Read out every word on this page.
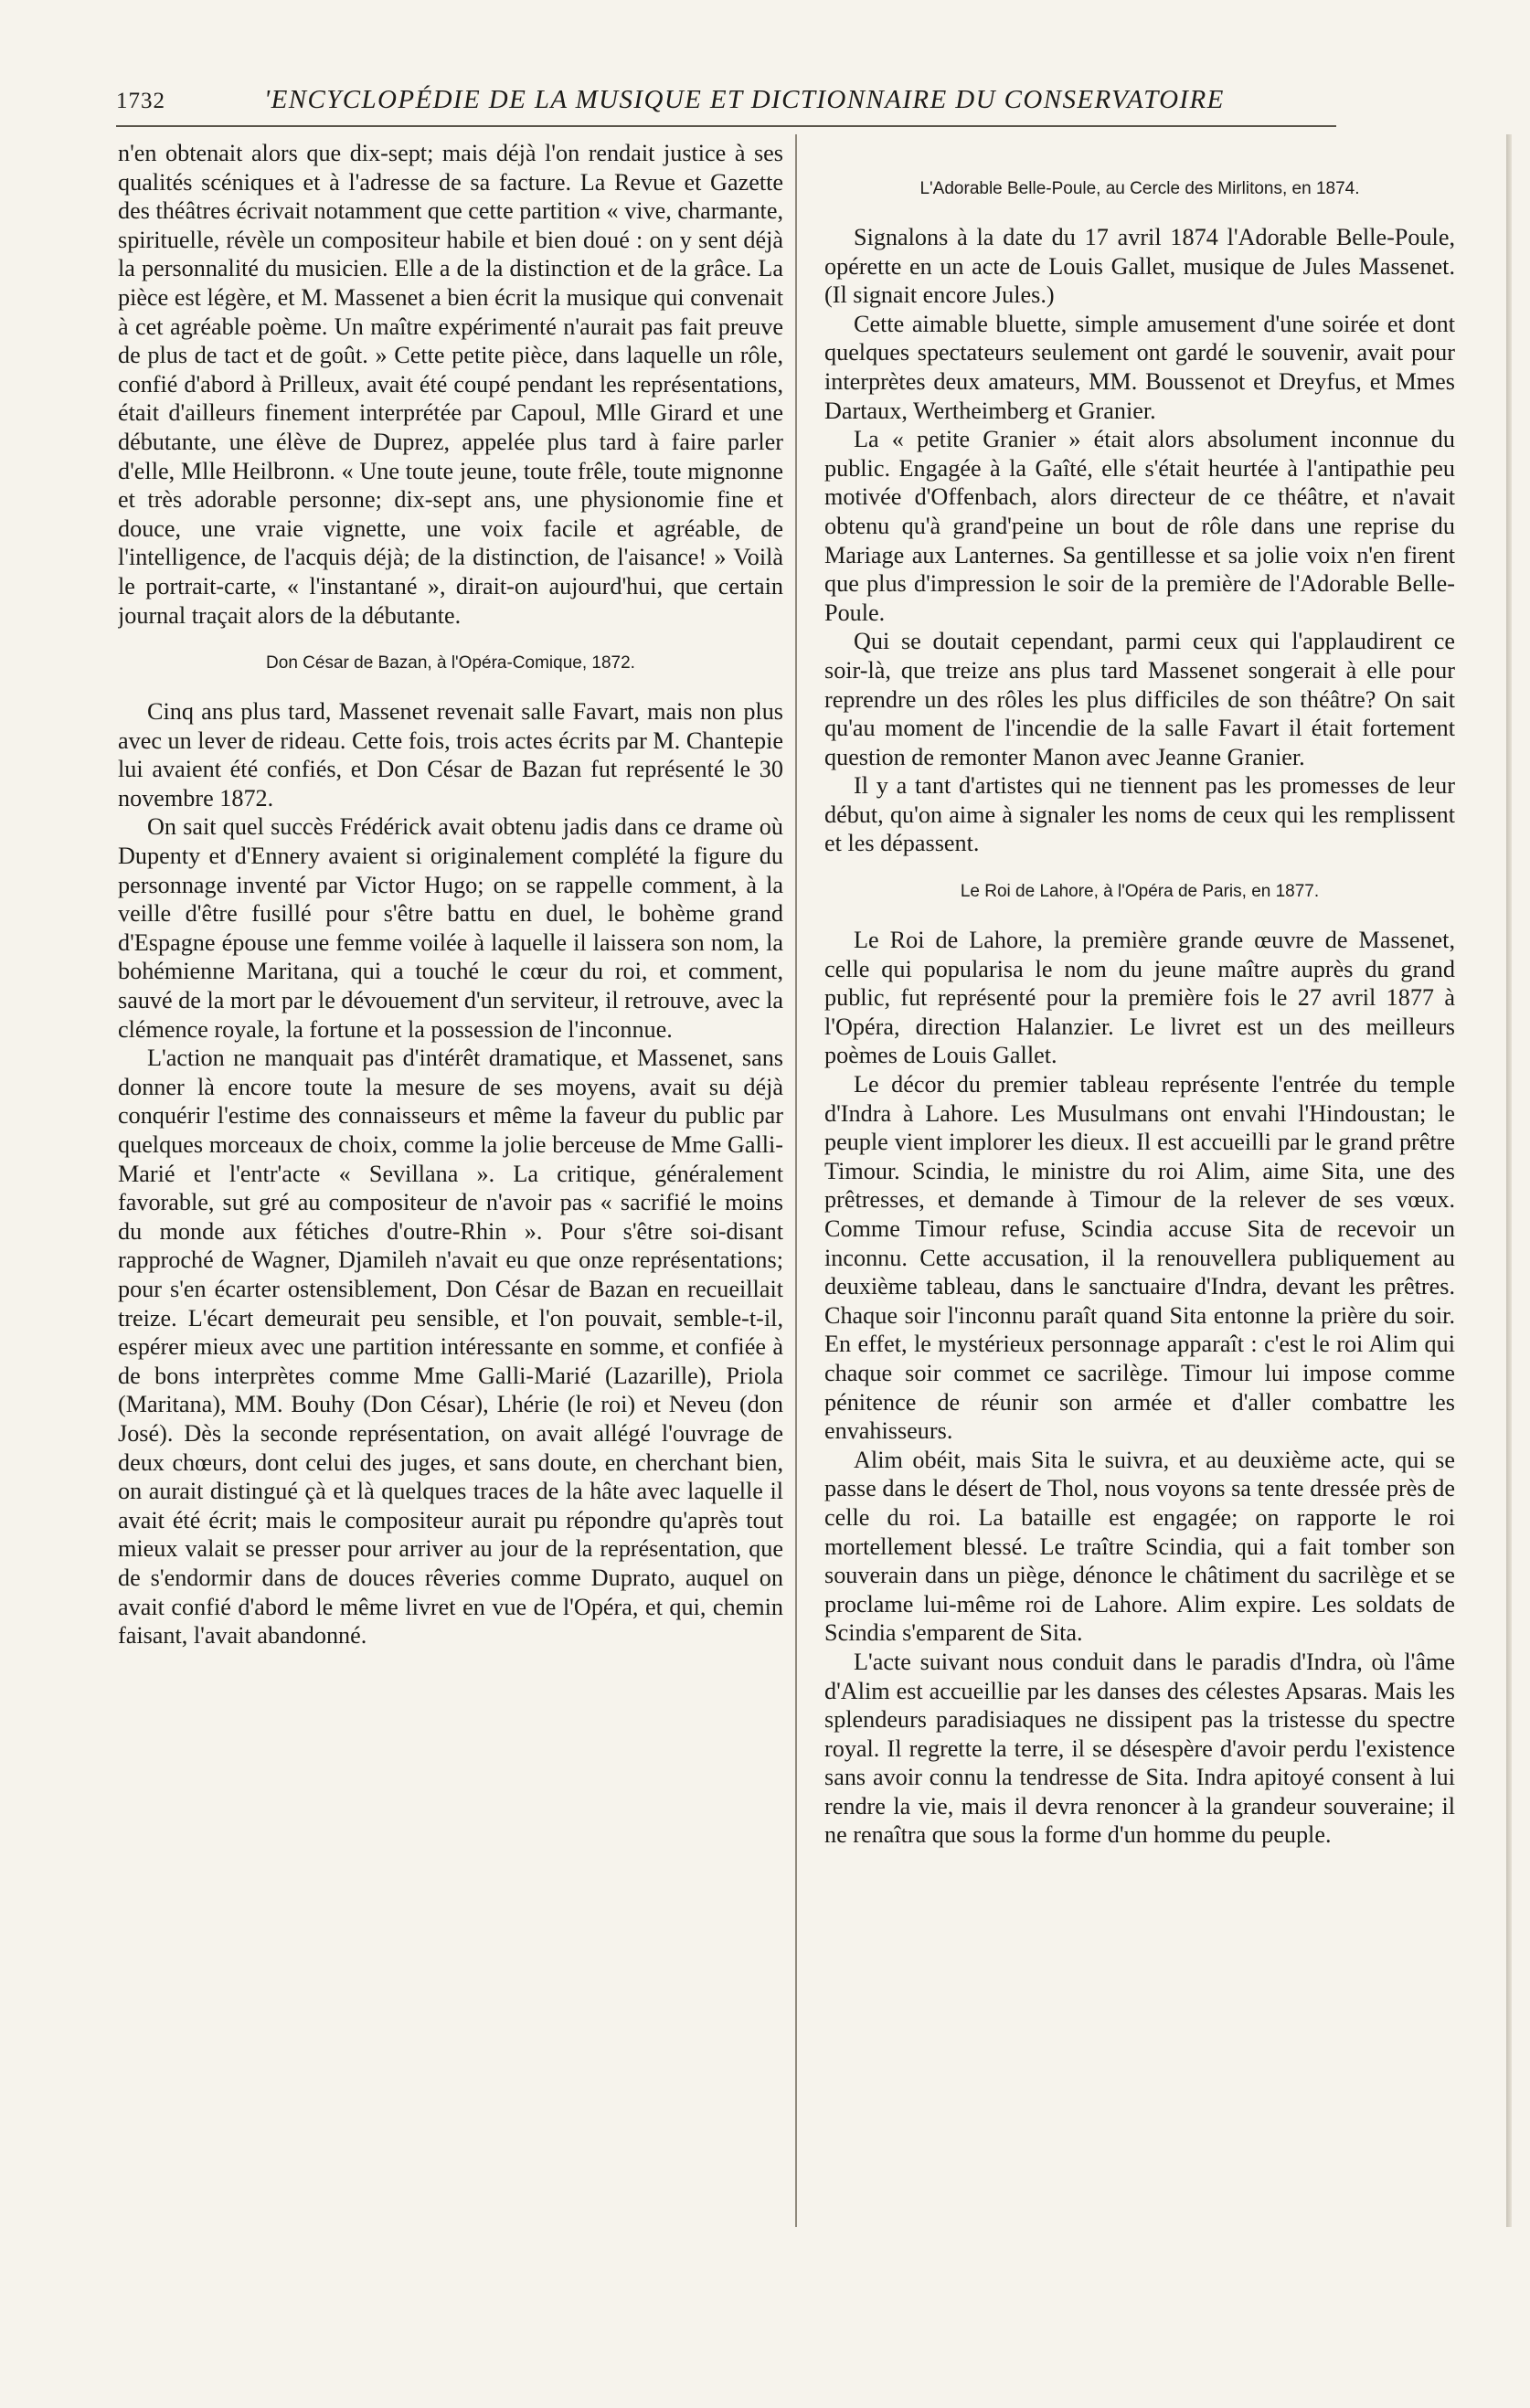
1732	'ENCYCLOPÉDIE DE LA MUSIQUE ET DICTIONNAIRE DU CONSERVATOIRE

n'en obtenait alors que dix-sept; mais déjà l'on rendait justice à ses qualités scéniques et à l'adresse de sa facture. La Revue et Gazette des théâtres écrivait notamment que cette partition « vive, charmante, spirituelle, révèle un compositeur habile et bien doué : on y sent déjà la personnalité du musicien. Elle a de la distinction et de la grâce. La pièce est légère, et M. Massenet a bien écrit la musique qui convenait à cet agréable poème. Un maître expérimenté n'aurait pas fait preuve de plus de tact et de goût. » Cette petite pièce, dans laquelle un rôle, confié d'abord à Prilleux, avait été coupé pendant les représentations, était d'ailleurs finement interprétée par Capoul, Mlle Girard et une débutante, une élève de Duprez, appelée plus tard à faire parler d'elle, Mlle Heilbronn. « Une toute jeune, toute frêle, toute mignonne et très adorable personne; dix-sept ans, une physionomie fine et douce, une vraie vignette, une voix facile et agréable, de l'intelligence, de l'acquis déjà; de la distinction, de l'aisance! » Voilà le portrait-carte, « l'instantané », dirait-on aujourd'hui, que certain journal traçait alors de la débutante.

Don César de Bazan, à l'Opéra-Comique, 1872.

Cinq ans plus tard, Massenet revenait salle Favart, mais non plus avec un lever de rideau. Cette fois, trois actes écrits par M. Chantepie lui avaient été confiés, et Don César de Bazan fut représenté le 30 novembre 1872.

On sait quel succès Frédérick avait obtenu jadis dans ce drame où Dupenty et d'Ennery avaient si originalement complété la figure du personnage inventé par Victor Hugo; on se rappelle comment, à la veille d'être fusillé pour s'être battu en duel, le bohème grand d'Espagne épouse une femme voilée à laquelle il laissera son nom, la bohémienne Maritana, qui a touché le cœur du roi, et comment, sauvé de la mort par le dévouement d'un serviteur, il retrouve, avec la clémence royale, la fortune et la possession de l'inconnue.

L'action ne manquait pas d'intérêt dramatique, et Massenet, sans donner là encore toute la mesure de ses moyens, avait su déjà conquérir l'estime des connaisseurs et même la faveur du public par quelques morceaux de choix, comme la jolie berceuse de Mme Galli-Marié et l'entr'acte « Sevillana ». La critique, généralement favorable, sut gré au compositeur de n'avoir pas « sacrifié le moins du monde aux fétiches d'outre-Rhin ». Pour s'être soi-disant rapproché de Wagner, Djamileh n'avait eu que onze représentations; pour s'en écarter ostensiblement, Don César de Bazan en recueillait treize. L'écart demeurait peu sensible, et l'on pouvait, semble-t-il, espérer mieux avec une partition intéressante en somme, et confiée à de bons interprètes comme Mme Galli-Marié (Lazarille), Priola (Maritana), MM. Bouhy (Don César), Lhérie (le roi) et Neveu (don José). Dès la seconde représentation, on avait allégé l'ouvrage de deux chœurs, dont celui des juges, et sans doute, en cherchant bien, on aurait distingué çà et là quelques traces de la hâte avec laquelle il avait été écrit; mais le compositeur aurait pu répondre qu'après tout mieux valait se presser pour arriver au jour de la représentation, que de s'endormir dans de douces rêveries comme Duprato, auquel on avait confié d'abord le même livret en vue de l'Opéra, et qui, chemin faisant, l'avait abandonné.

L'Adorable Belle-Poule, au Cercle des Mirlitons, en 1874.

Signalons à la date du 17 avril 1874 l'Adorable Belle-Poule, opérette en un acte de Louis Gallet, musique de Jules Massenet. (Il signait encore Jules.)

Cette aimable bluette, simple amusement d'une soirée et dont quelques spectateurs seulement ont gardé le souvenir, avait pour interprètes deux amateurs, MM. Boussenot et Dreyfus, et Mmes Dartaux, Wertheimberg et Granier.

La « petite Granier » était alors absolument inconnue du public. Engagée à la Gaîté, elle s'était heurtée à l'antipathie peu motivée d'Offenbach, alors directeur de ce théâtre, et n'avait obtenu qu'à grand'peine un bout de rôle dans une reprise du Mariage aux Lanternes. Sa gentillesse et sa jolie voix n'en firent que plus d'impression le soir de la première de l'Adorable Belle-Poule.

Qui se doutait cependant, parmi ceux qui l'applaudirent ce soir-là, que treize ans plus tard Massenet songerait à elle pour reprendre un des rôles les plus difficiles de son théâtre? On sait qu'au moment de l'incendie de la salle Favart il était fortement question de remonter Manon avec Jeanne Granier.

Il y a tant d'artistes qui ne tiennent pas les promesses de leur début, qu'on aime à signaler les noms de ceux qui les remplissent et les dépassent.

Le Roi de Lahore, à l'Opéra de Paris, en 1877.

Le Roi de Lahore, la première grande œuvre de Massenet, celle qui popularisa le nom du jeune maître auprès du grand public, fut représenté pour la première fois le 27 avril 1877 à l'Opéra, direction Halanzier. Le livret est un des meilleurs poèmes de Louis Gallet.

Le décor du premier tableau représente l'entrée du temple d'Indra à Lahore. Les Musulmans ont envahi l'Hindoustan; le peuple vient implorer les dieux. Il est accueilli par le grand prêtre Timour. Scindia, le ministre du roi Alim, aime Sita, une des prêtresses, et demande à Timour de la relever de ses vœux. Comme Timour refuse, Scindia accuse Sita de recevoir un inconnu. Cette accusation, il la renouvellera publiquement au deuxième tableau, dans le sanctuaire d'Indra, devant les prêtres. Chaque soir l'inconnu paraît quand Sita entonne la prière du soir. En effet, le mystérieux personnage apparaît : c'est le roi Alim qui chaque soir commet ce sacrilège. Timour lui impose comme pénitence de réunir son armée et d'aller combattre les envahisseurs.

Alim obéit, mais Sita le suivra, et au deuxième acte, qui se passe dans le désert de Thol, nous voyons sa tente dressée près de celle du roi. La bataille est engagée; on rapporte le roi mortellement blessé. Le traître Scindia, qui a fait tomber son souverain dans un piège, dénonce le châtiment du sacrilège et se proclame lui-même roi de Lahore. Alim expire. Les soldats de Scindia s'emparent de Sita.

L'acte suivant nous conduit dans le paradis d'Indra, où l'âme d'Alim est accueillie par les danses des célestes Apsaras. Mais les splendeurs paradisiaques ne dissipent pas la tristesse du spectre royal. Il regrette la terre, il se désespère d'avoir perdu l'existence sans avoir connu la tendresse de Sita. Indra apitoyé consent à lui rendre la vie, mais il devra renoncer à la grandeur souveraine; il ne renaîtra que sous la forme d'un homme du peuple.
